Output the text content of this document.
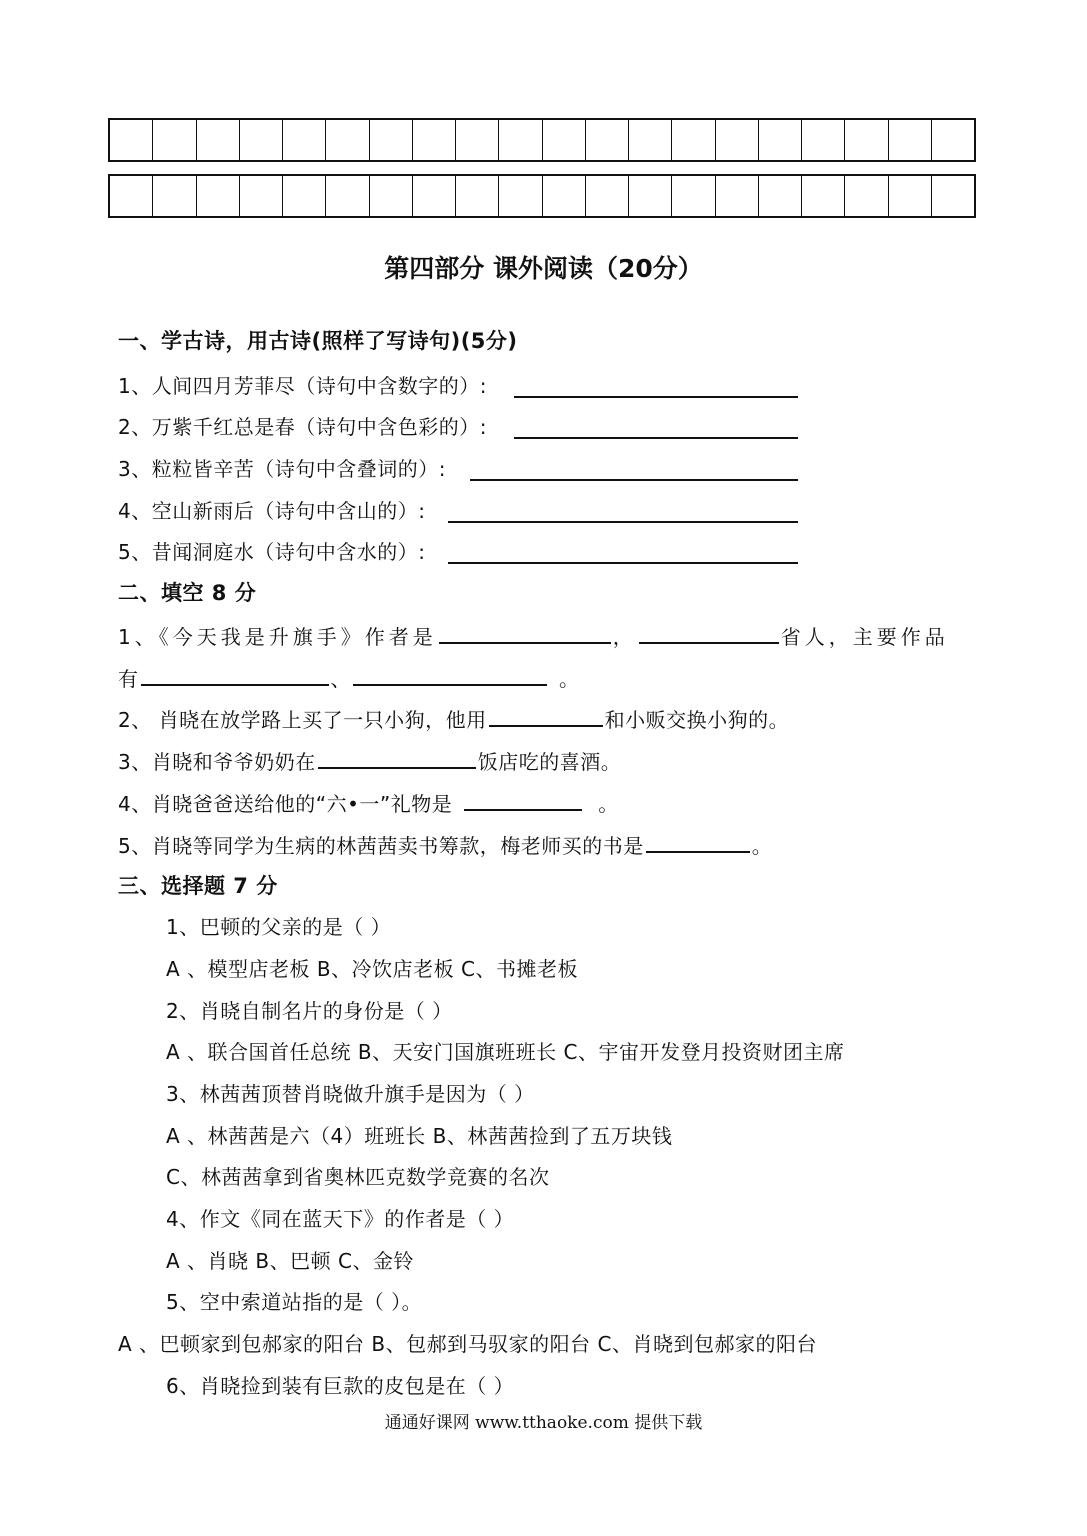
第四部分 课外阅读（20分）
一、学古诗，用古诗(照样了写诗句)(5分)
1、人间四月芳菲尽（诗句中含数字的）:
2、万紫千红总是春（诗句中含色彩的）:
3、粒粒皆辛苦（诗句中含叠词的）:
4、空山新雨后（诗句中含山的）:
5、昔闻洞庭水（诗句中含水的）:
二、填空 8 分
1、《今天我是升旗手》作者是	，	省人，主要作品
有	、	。
2、 肖晓在放学路上买了一只小狗，他用	和小贩交换小狗的。
3、肖晓和爷爷奶奶在	饭店吃的喜酒。
4、肖晓爸爸送给他的“六•一”礼物是	。
5、肖晓等同学为生病的林茜茜卖书筹款，梅老师买的书是	。
三、选择题 7 分
1、巴顿的父亲的是（ ）
A 、模型店老板 B、冷饮店老板 C、书摊老板
2、肖晓自制名片的身份是（ ）
A 、联合国首任总统 B、天安门国旗班班长 C、宇宙开发登月投资财团主席
3、林茜茜顶替肖晓做升旗手是因为（ ）
A 、林茜茜是六（4）班班长 B、林茜茜捡到了五万块钱
C、林茜茜拿到省奥林匹克数学竞赛的名次
4、作文《同在蓝天下》的作者是（ ）
A 、肖晓 B、巴顿 C、金铃
5、空中索道站指的是（ ）。
A 、巴顿家到包郝家的阳台 B、包郝到马驭家的阳台 C、肖晓到包郝家的阳台
6、肖晓捡到装有巨款的皮包是在（ ）
通通好课网 www.tthaoke.com 提供下载
